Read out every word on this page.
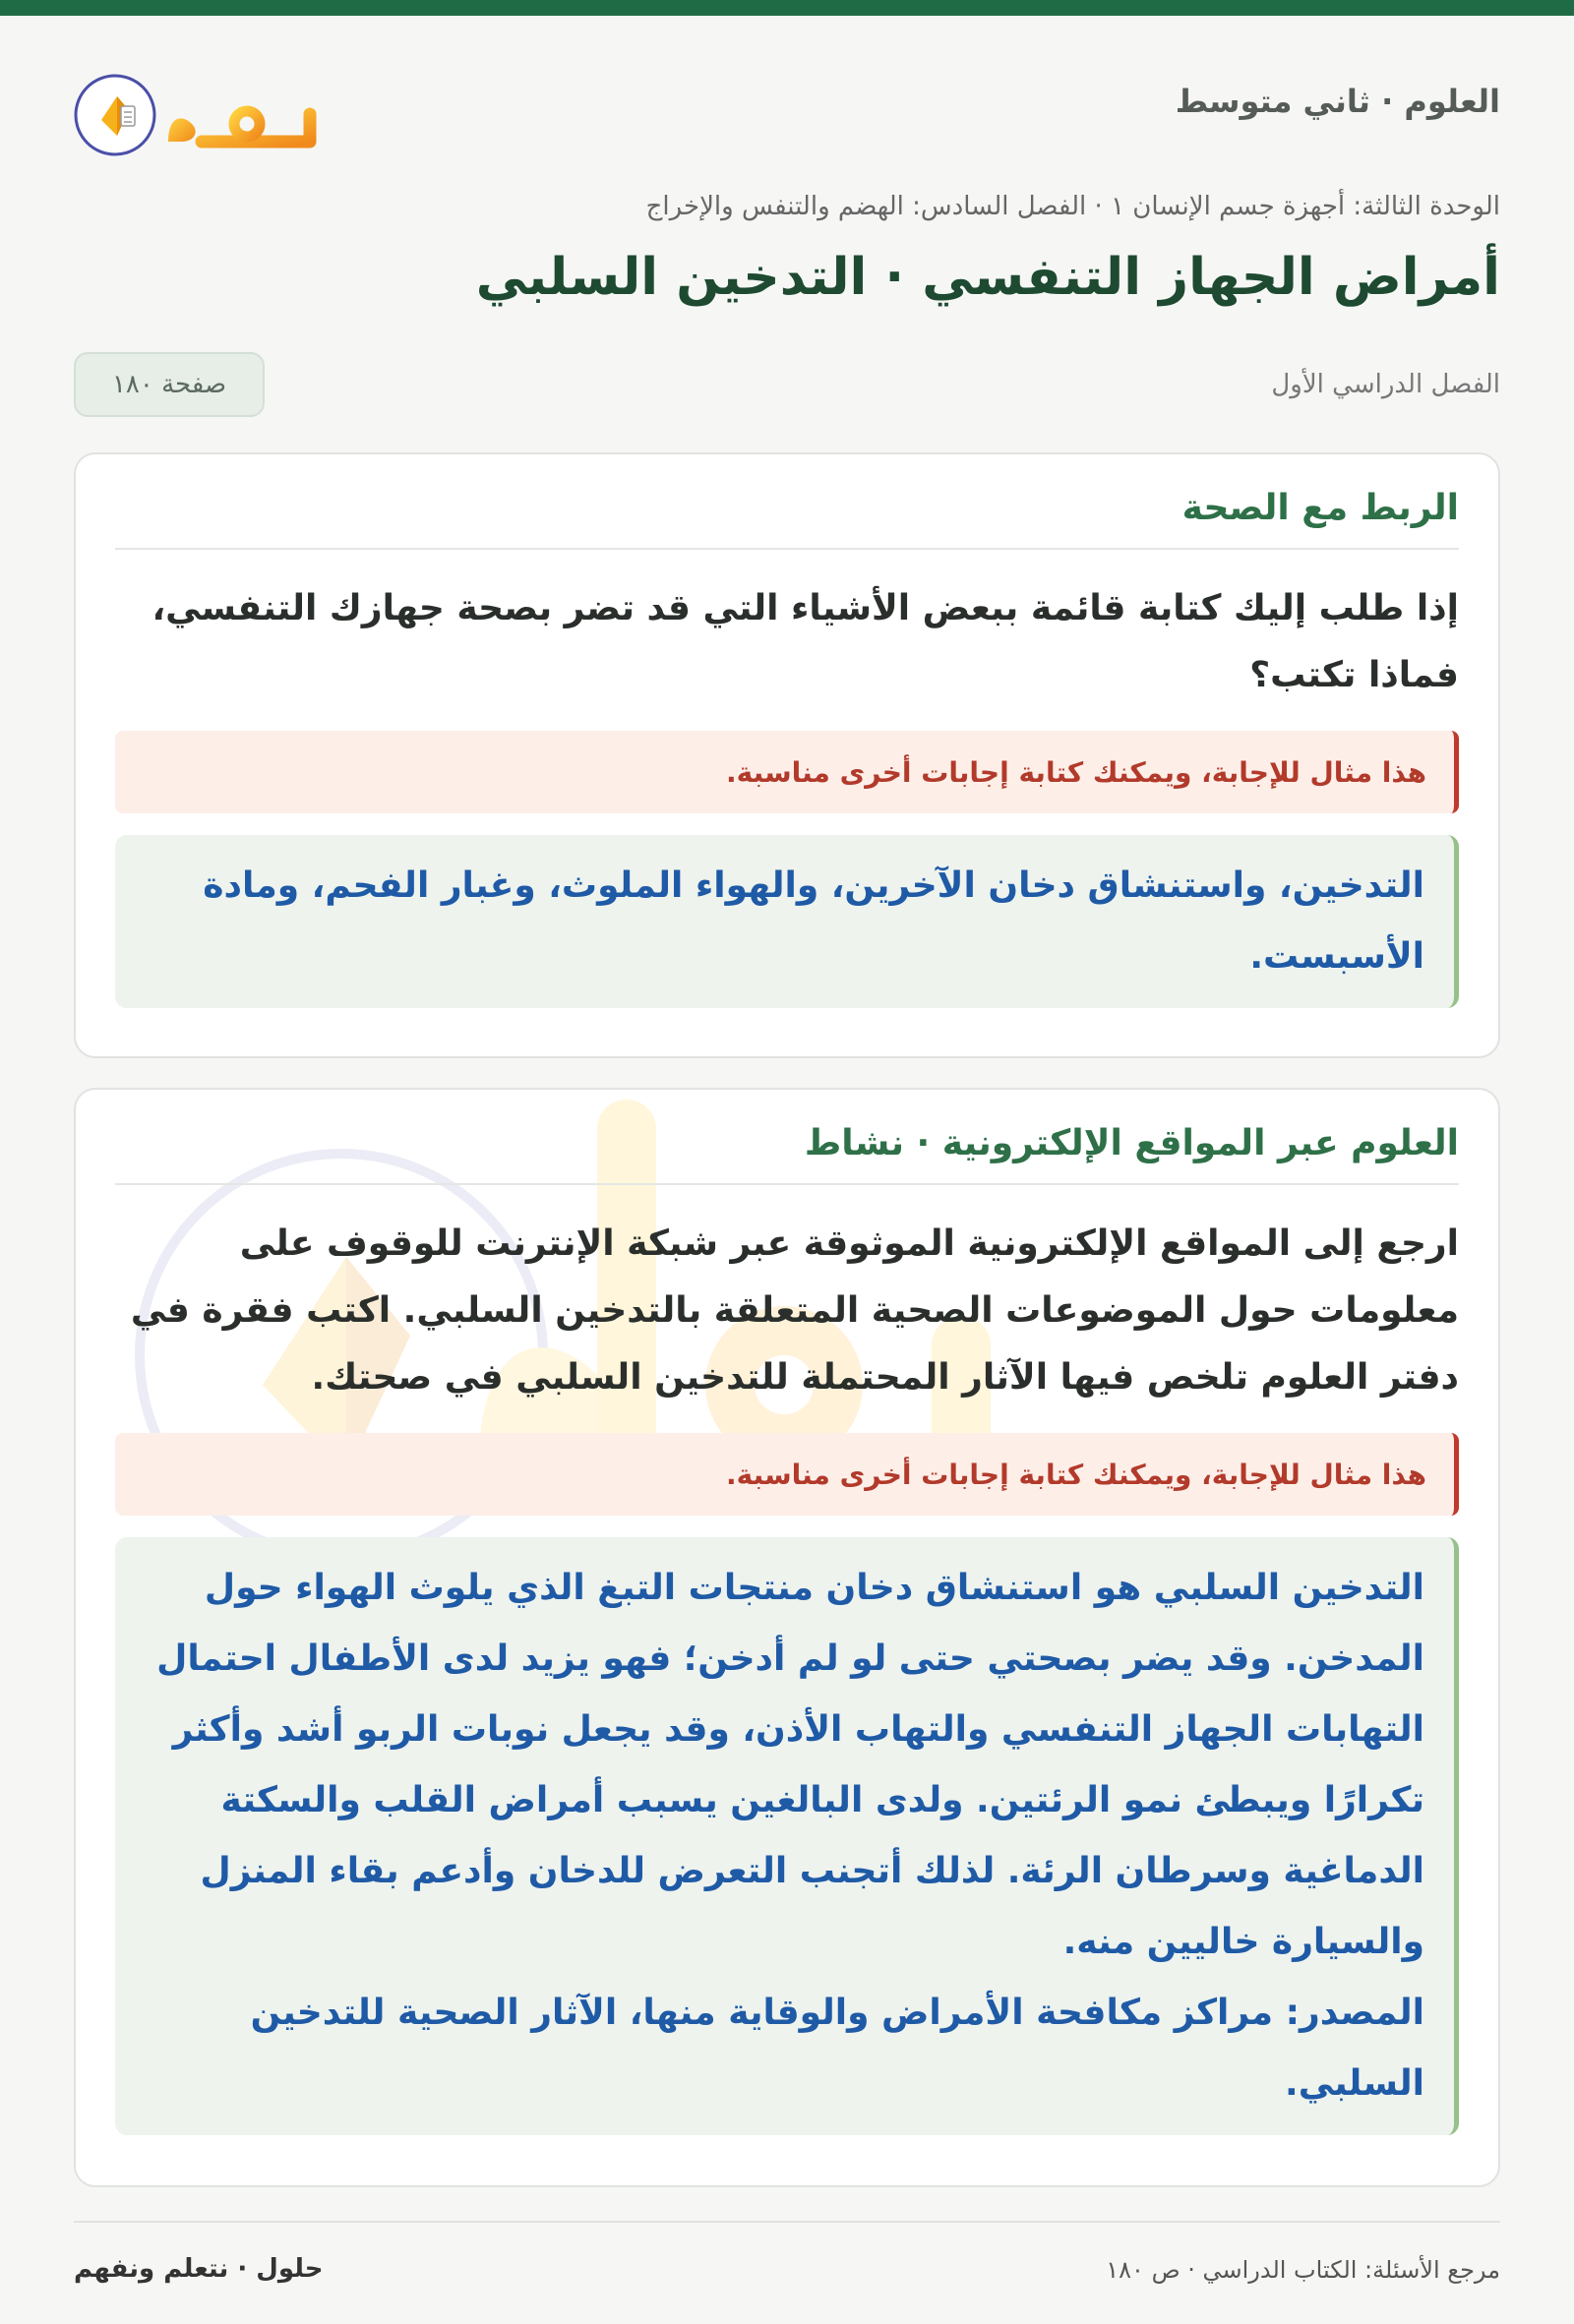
العلوم · ثاني متوسط
الوحدة الثالثة: أجهزة جسم الإنسان ١ · الفصل السادس: الهضم والتنفس والإخراج
أمراض الجهاز التنفسي · التدخين السلبي
الفصل الدراسي الأول
صفحة ١٨٠
الربط مع الصحة

إذا طلب إليك كتابة قائمة ببعض الأشياء التي قد تضر بصحة جهازك التنفسي، فماذا تكتب؟

هذا مثال للإجابة، ويمكنك كتابة إجابات أخرى مناسبة.

التدخين، واستنشاق دخان الآخرين، والهواء الملوث، وغبار الفحم، ومادة الأسبست.

العلوم عبر المواقع الإلكترونية · نشاط

ارجع إلى المواقع الإلكترونية الموثوقة عبر شبكة الإنترنت للوقوف على معلومات حول الموضوعات الصحية المتعلقة بالتدخين السلبي. اكتب فقرة في دفتر العلوم تلخص فيها الآثار المحتملة للتدخين السلبي في صحتك.

هذا مثال للإجابة، ويمكنك كتابة إجابات أخرى مناسبة.

التدخين السلبي هو استنشاق دخان منتجات التبغ الذي يلوث الهواء حول المدخن. وقد يضر بصحتي حتى لو لم أدخن؛ فهو يزيد لدى الأطفال احتمال التهابات الجهاز التنفسي والتهاب الأذن، وقد يجعل نوبات الربو أشد وأكثر تكرارًا ويبطئ نمو الرئتين. ولدى البالغين يسبب أمراض القلب والسكتة الدماغية وسرطان الرئة. لذلك أتجنب التعرض للدخان وأدعم بقاء المنزل والسيارة خاليين منه.

المصدر: مراكز مكافحة الأمراض والوقاية منها، الآثار الصحية للتدخين السلبي.

مرجع الأسئلة: الكتاب الدراسي · ص ١٨٠
حلول · نتعلم ونفهم
